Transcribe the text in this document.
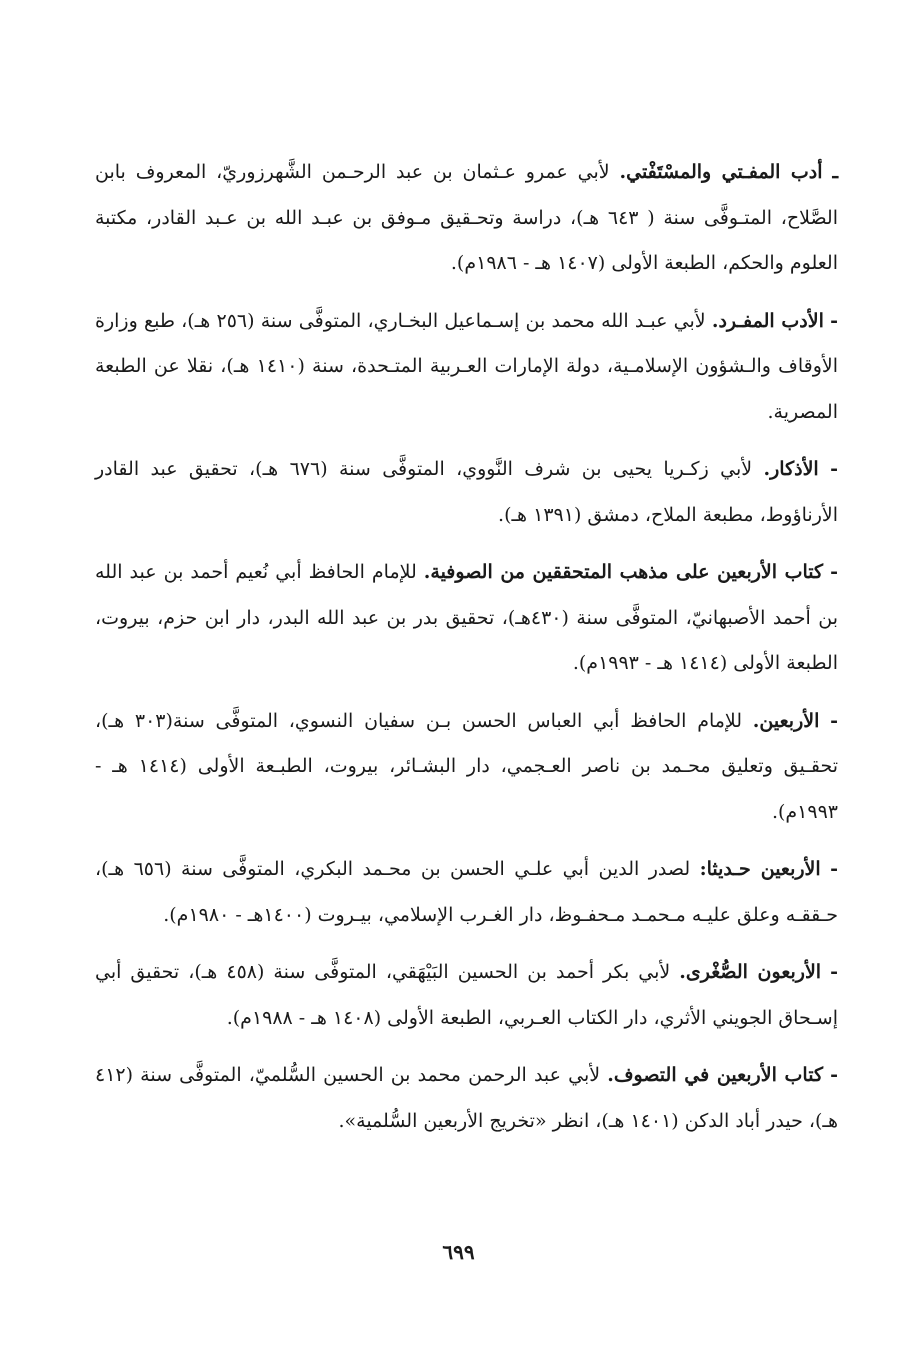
ـ أدب المفـتي والمسْتَفْتي. لأبي عمرو عـثمان بن عبد الرحـمن الشَّهرزوريّ، المعروف بابن الصَّلاح، المتـوفَّى سنة ( ٦٤٣ هـ)، دراسة وتحـقيق مـوفق بن عبـد الله بن عـبد القادر، مكتبة العلوم والحكم، الطبعة الأولى (١٤٠٧ هـ - ١٩٨٦م).

- الأدب المفـرد. لأبي عبـد الله محمد بن إسـماعيل البخـاري، المتوفَّى سنة (٢٥٦ هـ)، طبع وزارة الأوقاف والـشؤون الإسلامـية، دولة الإمارات العـربية المتـحدة، سنة (١٤١٠ هـ)، نقلا عن الطبعة المصرية.

- الأذكار. لأبي زكـريا يحيى بن شرف النَّووي، المتوفَّى سنة (٦٧٦ هـ)، تحقيق عبد القادر الأرناؤوط، مطبعة الملاح، دمشق (١٣٩١ هـ).

- كتاب الأربعين على مذهب المتحققين من الصوفية. للإمام الحافظ أبي نُعيم أحمد بن عبد الله بن أحمد الأصبهانيّ، المتوفَّى سنة (٤٣٠هـ)، تحقيق بدر بن عبد الله البدر، دار ابن حزم، بيروت، الطبعة الأولى (١٤١٤ هـ - ١٩٩٣م).

- الأربعين. للإمام الحافظ أبي العباس الحسن بـن سفيان النسوي، المتوفَّى سنة(٣٠٣ هـ)، تحقـيق وتعليق محـمد بن ناصر العـجمي، دار البشـائر، بيروت، الطبـعة الأولى (١٤١٤ هـ - ١٩٩٣م).

- الأربعين حـديثا: لصدر الدين أبي علـي الحسن بن محـمد البكري، المتوفَّى سنة (٦٥٦ هـ)، حـققـه وعلق عليـه مـحمـد مـحفـوظ، دار الغـرب الإسلامي، بيـروت (١٤٠٠هـ - ١٩٨٠م).

- الأربعون الصُّغْرى. لأبي بكر أحمد بن الحسين البَيْهَقي، المتوفَّى سنة (٤٥٨ هـ)، تحقيق أبي إسـحاق الجويني الأثري، دار الكتاب العـربي، الطبعة الأولى (١٤٠٨ هـ - ١٩٨٨م).

- كتاب الأربعين في التصوف. لأبي عبد الرحمن محمد بن الحسين السُّلميّ، المتوفَّى سنة (٤١٢ هـ)، حيدر أباد الدكن (١٤٠١ هـ)، انظر «تخريج الأربعين السُّلمية».

٦٩٩
